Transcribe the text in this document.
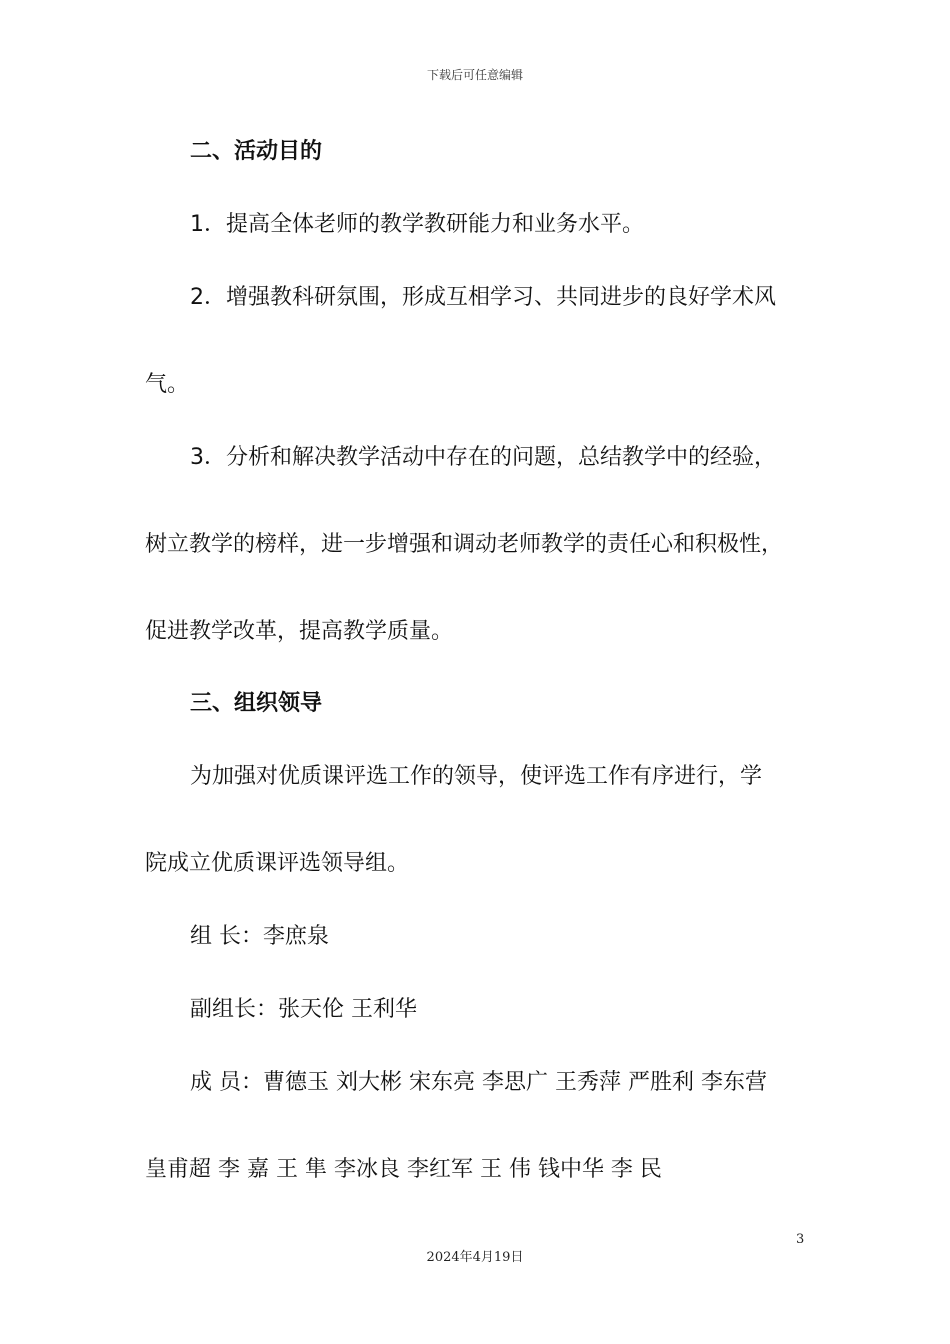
下载后可任意编辑
二、活动目的
1．提高全体老师的教学教研能力和业务水平。
2．增强教科研氛围，形成互相学习、共同进步的良好学术风
气。
3．分析和解决教学活动中存在的问题，总结教学中的经验，
树立教学的榜样，进一步增强和调动老师教学的责任心和积极性，
促进教学改革，提高教学质量。
三、组织领导
为加强对优质课评选工作的领导，使评选工作有序进行，学
院成立优质课评选领导组。
组 长：李庶泉
副组长：张天伦 王利华
成 员：曹德玉 刘大彬 宋东亮 李思广 王秀萍 严胜利 李东营
皇甫超 李 嘉 王 隼 李冰良 李红军 王 伟 钱中华 李 民
3
2024年4月19日
